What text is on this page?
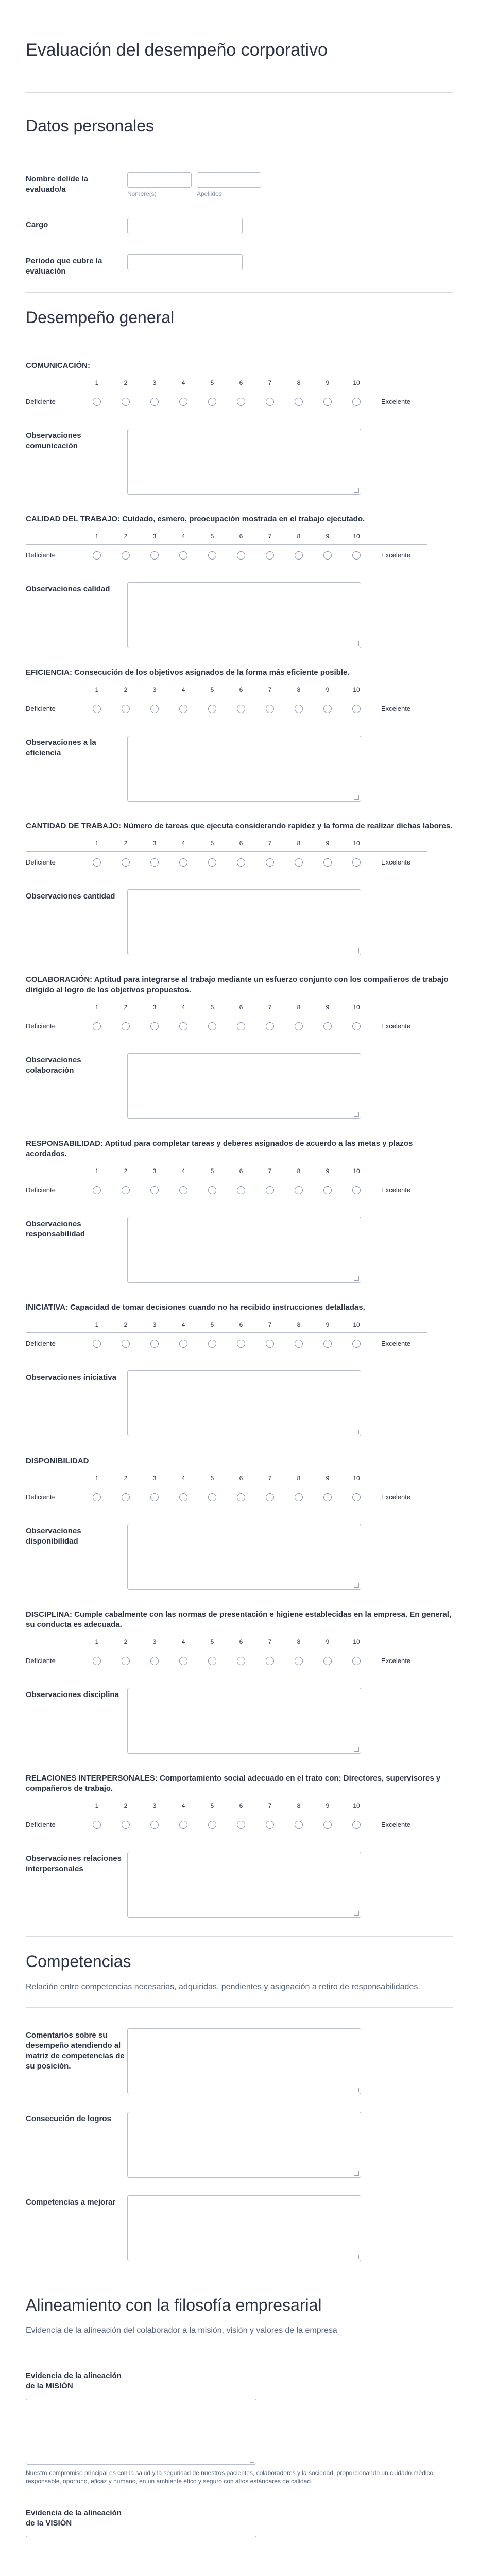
Evaluación del desempeño corporativo
Datos personales
Nombre del/de la evaluado/a	Nombre(s)	Apellidos
Cargo
Periodo que cubre la evaluación
Desempeño general

COMUNICACIÓN:

1	2	3	4	5	6	7	8	9	10
Deficiente	Excelente
Observaciones comunicación

CALIDAD DEL TRABAJO: Cuidado, esmero, preocupación mostrada en el trabajo ejecutado.

1	2	3	4	5	6	7	8	9	10
Deficiente	Excelente
Observaciones calidad

EFICIENCIA: Consecución de los objetivos asignados de la forma más eficiente posible.

1	2	3	4	5	6	7	8	9	10
Deficiente	Excelente
Observaciones a la eficiencia

CANTIDAD DE TRABAJO: Número de tareas que ejecuta considerando rapidez y la forma de realizar dichas labores.

1	2	3	4	5	6	7	8	9	10
Deficiente	Excelente
Observaciones cantidad

COLABORACIÓN: Aptitud para integrarse al trabajo mediante un esfuerzo conjunto con los compañeros de trabajo dirigido al logro de los objetivos propuestos.

1	2	3	4	5	6	7	8	9	10
Deficiente	Excelente
Observaciones colaboración

RESPONSABILIDAD: Aptitud para completar tareas y deberes asignados de acuerdo a las metas y plazos acordados.

1	2	3	4	5	6	7	8	9	10
Deficiente	Excelente
Observaciones responsabilidad

INICIATIVA: Capacidad de tomar decisiones cuando no ha recibido instrucciones detalladas.

1	2	3	4	5	6	7	8	9	10
Deficiente	Excelente
Observaciones iniciativa

DISPONIBILIDAD

1	2	3	4	5	6	7	8	9	10
Deficiente	Excelente
Observaciones disponibilidad

DISCIPLINA: Cumple cabalmente con las normas de presentación e higiene establecidas en la empresa. En general, su conducta es adecuada.

1	2	3	4	5	6	7	8	9	10
Deficiente	Excelente
Observaciones disciplina

RELACIONES INTERPERSONALES: Comportamiento social adecuado en el trato con: Directores, supervisores y compañeros de trabajo.

1	2	3	4	5	6	7	8	9	10
Deficiente	Excelente
Observaciones relaciones interpersonales
Competencias

Relación entre competencias necesarias, adquiridas, pendientes y asignación a retiro de responsabilidades.

Comentarios sobre su desempeño atendiendo al matriz de competencias de su posición.
Consecución de logros
Competencias a mejorar
Alineamiento con la filosofía empresarial

Evidencia de la alineación del colaborador a la misión, visión y valores de la empresa

Evidencia de la alineación de la MISIÓN
Nuestro compromiso principal es con la salud y la seguridad de nuestros pacientes, colaboradores y la sociedad, proporcionando un cuidado médico responsable, oportuno, eficaz y humano, en un ambiente ético y seguro con altos estándares de calidad.
Evidencia de la alineación de la VISIÓN
